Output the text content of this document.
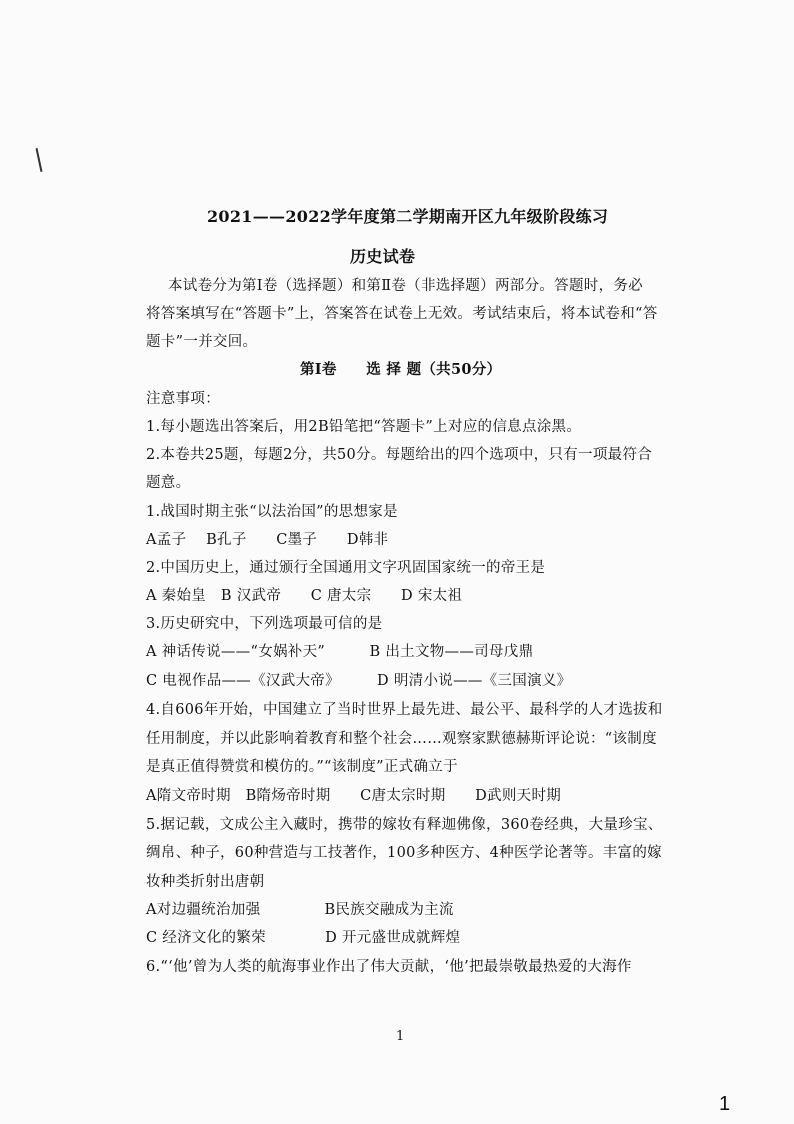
2021——2022学年度第二学期南开区九年级阶段练习
历史试卷
本试卷分为第Ⅰ卷（选择题）和第Ⅱ卷（非选择题）两部分。答题时，务必
将答案填写在“答题卡”上，答案答在试卷上无效。考试结束后，将本试卷和“答
题卡”一并交回。
第Ⅰ卷　　选 择 题（共50分）
注意事项：
1.每小题选出答案后，用2B铅笔把“答题卡”上对应的信息点涂黑。
2.本卷共25题，每题2分，共50分。每题给出的四个选项中，只有一项最符合
题意。
1.战国时期主张“以法治国”的思想家是
A孟子　 B孔子　　C墨子　　D韩非
2.中国历史上，通过颁行全国通用文字巩固国家统一的帝王是
A 秦始皇　B 汉武帝　　C 唐太宗　　D 宋太祖
3.历史研究中，下列选项最可信的是
A 神话传说——“女娲补天”　　　B 出土文物——司母戊鼎
C 电视作品——《汉武大帝》　　　D 明清小说——《三国演义》
4.自606年开始，中国建立了当时世界上最先进、最公平、最科学的人才选拔和
任用制度，并以此影响着教育和整个社会……观察家默德赫斯评论说：“该制度
是真正值得赞赏和模仿的。”“该制度”正式确立于
A隋文帝时期　B隋炀帝时期　　C唐太宗时期　　D武则天时期
5.据记载，文成公主入藏时，携带的嫁妆有释迦佛像，360卷经典，大量珍宝、
绸帛、种子，60种营造与工技著作，100多种医方、4种医学论著等。丰富的嫁
妆种类折射出唐朝
A对边疆统治加强　　　　 B民族交融成为主流
C 经济文化的繁荣　　　　D 开元盛世成就辉煌
6.“‘他’曾为人类的航海事业作出了伟大贡献，‘他’把最崇敬最热爱的大海作
1
1
